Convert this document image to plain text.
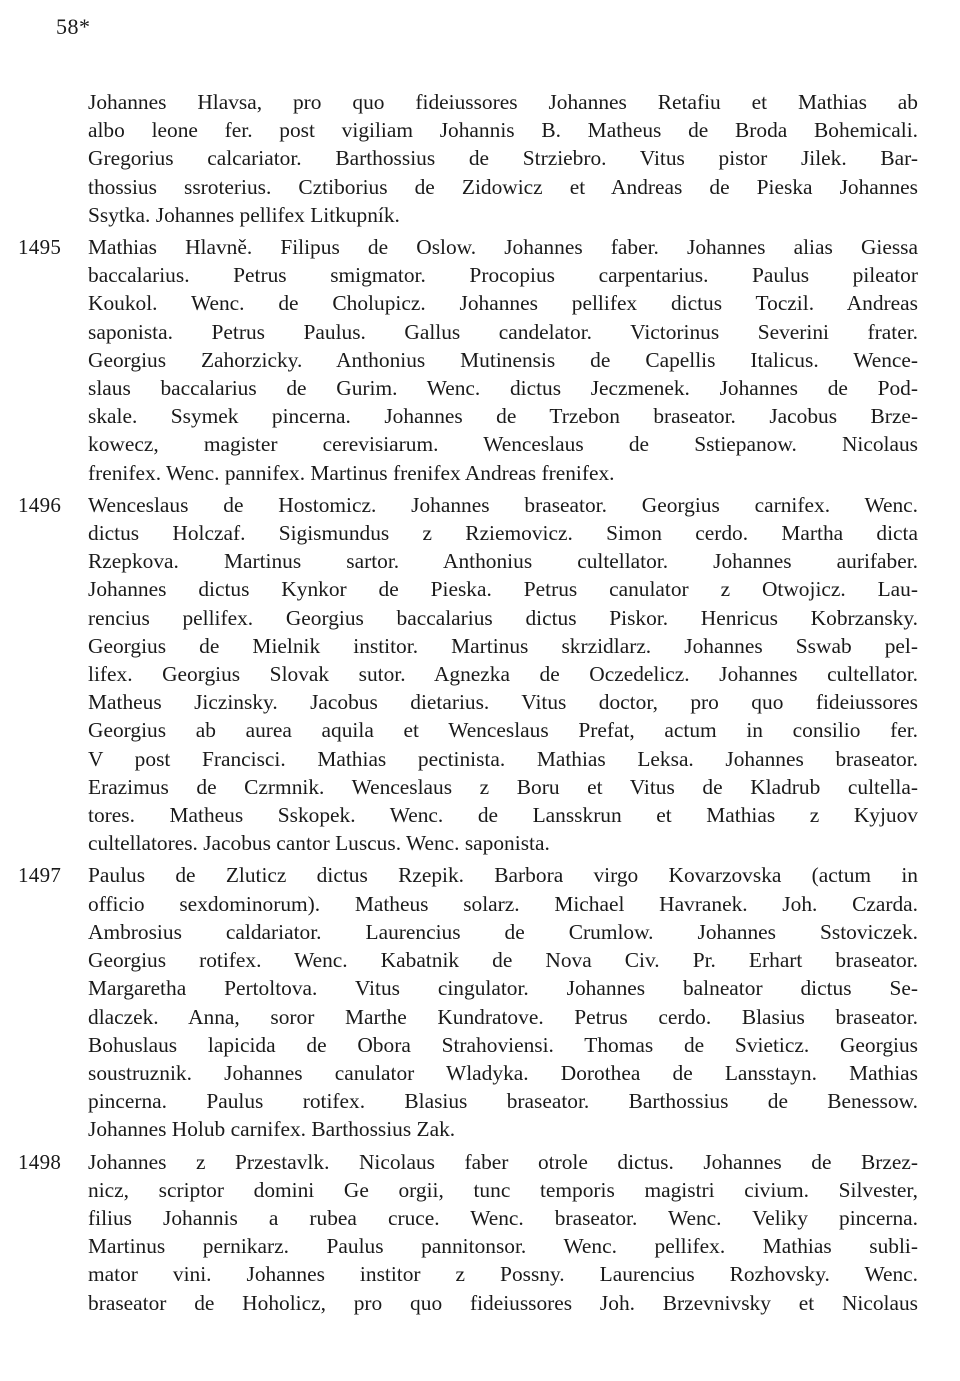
58*
Johannes Hlavsa, pro quo fideiussores Johannes Retafiu et Mathias ab
albo leone fer. post vigiliam Johannis B. Matheus de Broda Bohemicali.
Gregorius calcariator. Barthossius de Strziebro. Vitus pistor Jilek. Bar-
thossius ssroterius. Cztiborius de Zidowicz et Andreas de Pieska Johannes
Ssytka. Johannes pellifex Litkupník.
1495 Mathias Hlavně. Filipus de Oslow. Johannes faber. Johannes alias Giessa
baccalarius. Petrus smigmator. Procopius carpentarius. Paulus pileator
Koukol. Wenc. de Cholupicz. Johannes pellifex dictus Toczil. Andreas
saponista. Petrus Paulus. Gallus candelator. Victorinus Severini frater.
Georgius Zahorzicky. Anthonius Mutinensis de Capellis Italicus. Wence-
slaus baccalarius de Gurim. Wenc. dictus Jeczmenek. Johannes de Pod-
skale. Ssymek pincerna. Johannes de Trzebon braseator. Jacobus Brze-
kowecz, magister cerevisiarum. Wenceslaus de Sstiepanow. Nicolaus
frenifex. Wenc. pannifex. Martinus frenifex Andreas frenifex.
1496 Wenceslaus de Hostomicz. Johannes braseator. Georgius carnifex. Wenc.
dictus Holczaf. Sigismundus z Rziemovicz. Simon cerdo. Martha dicta
Rzepkova. Martinus sartor. Anthonius cultellator. Johannes aurifaber.
Johannes dictus Kynkor de Pieska. Petrus canulator z Otwojicz. Lau-
rencius pellifex. Georgius baccalarius dictus Piskor. Henricus Kobrzansky.
Georgius de Mielnik institor. Martinus skrzidlarz. Johannes Sswab pel-
lifex. Georgius Slovak sutor. Agnezka de Oczedelicz. Johannes cultellator.
Matheus Jiczinsky. Jacobus dietarius. Vitus doctor, pro quo fideiussores
Georgius ab aurea aquila et Wenceslaus Prefat, actum in consilio fer.
V post Francisci. Mathias pectinista. Mathias Leksa. Johannes braseator.
Erazimus de Czrmnik. Wenceslaus z Boru et Vitus de Kladrub cultella-
tores. Matheus Sskopek. Wenc. de Lansskrun et Mathias z Kyjuov
cultellatores. Jacobus cantor Luscus. Wenc. saponista.
1497 Paulus de Zluticz dictus Rzepik. Barbora virgo Kovarzovska (actum in
officio sexdominorum). Matheus solarz. Michael Havranek. Joh. Czarda.
Ambrosius caldariator. Laurencius de Crumlow. Johannes Sstoviczek.
Georgius rotifex. Wenc. Kabatnik de Nova Civ. Pr. Erhart braseator.
Margaretha Pertoltova. Vitus cingulator. Johannes balneator dictus Se-
dlaczek. Anna, soror Marthe Kundratove. Petrus cerdo. Blasius braseator.
Bohuslaus lapicida de Obora Strahoviensi. Thomas de Svieticz. Georgius
soustruznik. Johannes canulator Wladyka. Dorothea de Lansstayn. Mathias
pincerna. Paulus rotifex. Blasius braseator. Barthossius de Benessow.
Johannes Holub carnifex. Barthossius Zak.
1498 Johannes z Przestavlk. Nicolaus faber otrole dictus. Johannes de Brzez-
nicz, scriptor domini Ge orgii, tunc temporis magistri civium. Silvester,
filius Johannis a rubea cruce. Wenc. braseator. Wenc. Veliky pincerna.
Martinus pernikarz. Paulus pannitonsor. Wenc. pellifex. Mathias subli-
mator vini. Johannes institor z Possny. Laurencius Rozhovsky. Wenc.
braseator de Hoholicz, pro quo fideiussores Joh. Brzevnivsky et Nicolaus
